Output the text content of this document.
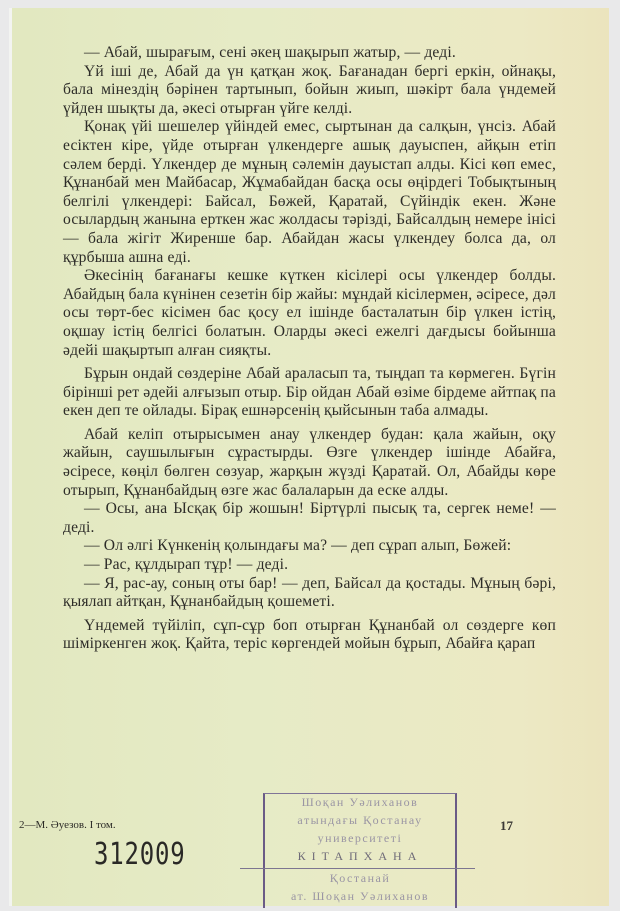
— Абай, шырағым, сені әкең шақырып жатыр, — деді.

Үй іші де, Абай да үн қатқан жоқ. Бағанадан бергі еркін, ойнақы, бала мінездің бәрінен тартынып, бойын жиып, шәкірт бала үндемей үйден шықты да, әкесі отырған үйге келді.

Қонақ үйі шешелер үйіндей емес, сыртынан да салқын, үнсіз. Абай есіктен кіре, үйде отырған үлкендерге ашық дауыспен, айқын етіп сәлем берді. Үлкендер де мұның сәлемін дауыстап алды. Кісі көп емес, Құнанбай мен Майбасар, Жұмабайдан басқа осы өңірдегі Тобықтының белгілі үлкендері: Байсал, Бөжей, Қаратай, Сүйіндік екен. Және осылардың жанына ерткен жас жолдасы тәрізді, Байсалдың немере інісі — бала жігіт Жиренше бар. Абайдан жасы үлкендеу болса да, ол құрбыша ашна еді.

Әкесінің бағанағы кешке күткен кісілері осы үлкендер болды. Абайдың бала күнінен сезетін бір жайы: мұндай кісілермен, әсіресе, дәл осы төрт-бес кісімен бас қосу ел ішінде басталатын бір үлкен істің, оқшау істің белгісі болатын. Оларды әкесі ежелгі дағдысы бойынша әдейі шақыртып алған сияқты.

Бұрын ондай сөздеріне Абай араласып та, тыңдап та көрмеген. Бүгін бірінші рет әдейі алғызып отыр. Бір ойдан Абай өзіме бірдеме айтпақ па екен деп те ойлады. Бірақ ешнәрсенің қыйсынын таба алмады.

Абай келіп отырысымен анау үлкендер будан: қала жайын, оқу жайын, саушылығын сұрастырды. Өзге үлкендер ішінде Абайға, әсіресе, көңіл бөлген сөзуар, жарқын жүзді Қаратай. Ол, Абайды көре отырып, Құнанбайдың өзге жас балаларын да еске алды.

— Осы, ана Ысқақ бір жошын! Біртүрлі пысық та, сергек неме! — деді.

— Ол әлгі Күнкенің қолындағы ма? — деп сұрап алып, Бөжей:

— Рас, құлдырап тұр! — деді.

— Я, рас-ау, соның оты бар! — деп, Байсал да қостады. Мұның бәрі, қыялап айтқан, Құнанбайдың қошеметі.

Үндемей түйіліп, сұп-сұр боп отырған Құнанбай ол сөздерге көп шіміркенген жоқ. Қайта, теріс көргендей мойын бұрып, Абайға қарап

2—М. Әуезов. I том.
312009
Шоқан Уәлиханов
атындағы Қостанау
университеті
КІТАПХАНА
Қостанай
ат. Шоқан Уәлиханов
17
